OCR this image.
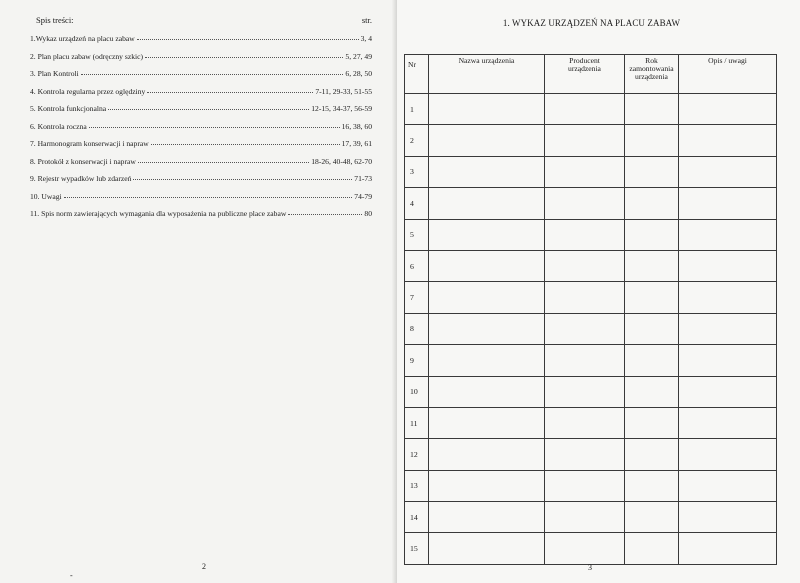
Spis treści:	str.
1.Wykaz urządzeń na placu zabaw	3, 4
2. Plan placu zabaw (odręczny szkic)	5, 27, 49
3. Plan Kontroli	6, 28, 50
4. Kontrola regularna przez oględziny	7-11, 29-33, 51-55
5. Kontrola funkcjonalna	12-15, 34-37, 56-59
6. Kontrola roczna	16, 38, 60
7. Harmonogram konserwacji i napraw	17, 39, 61
8. Protokół z konserwacji i napraw	18-26, 40-48, 62-70
9. Rejestr wypadków lub zdarzeń	71-73
10. Uwagi	74-79
11. Spis norm zawierających wymagania dla wyposażenia na publiczne place zabaw	80
-
2
1. WYKAZ URZĄDZEŃ NA PLACU ZABAW
Nr	Nazwa urządzenia	Producent urządzenia	Rok zamontowania urządzenia	Opis / uwagi
1				
2				
3				
4				
5				
6				
7				
8				
9				
10				
11				
12				
13				
14				
15				
3
